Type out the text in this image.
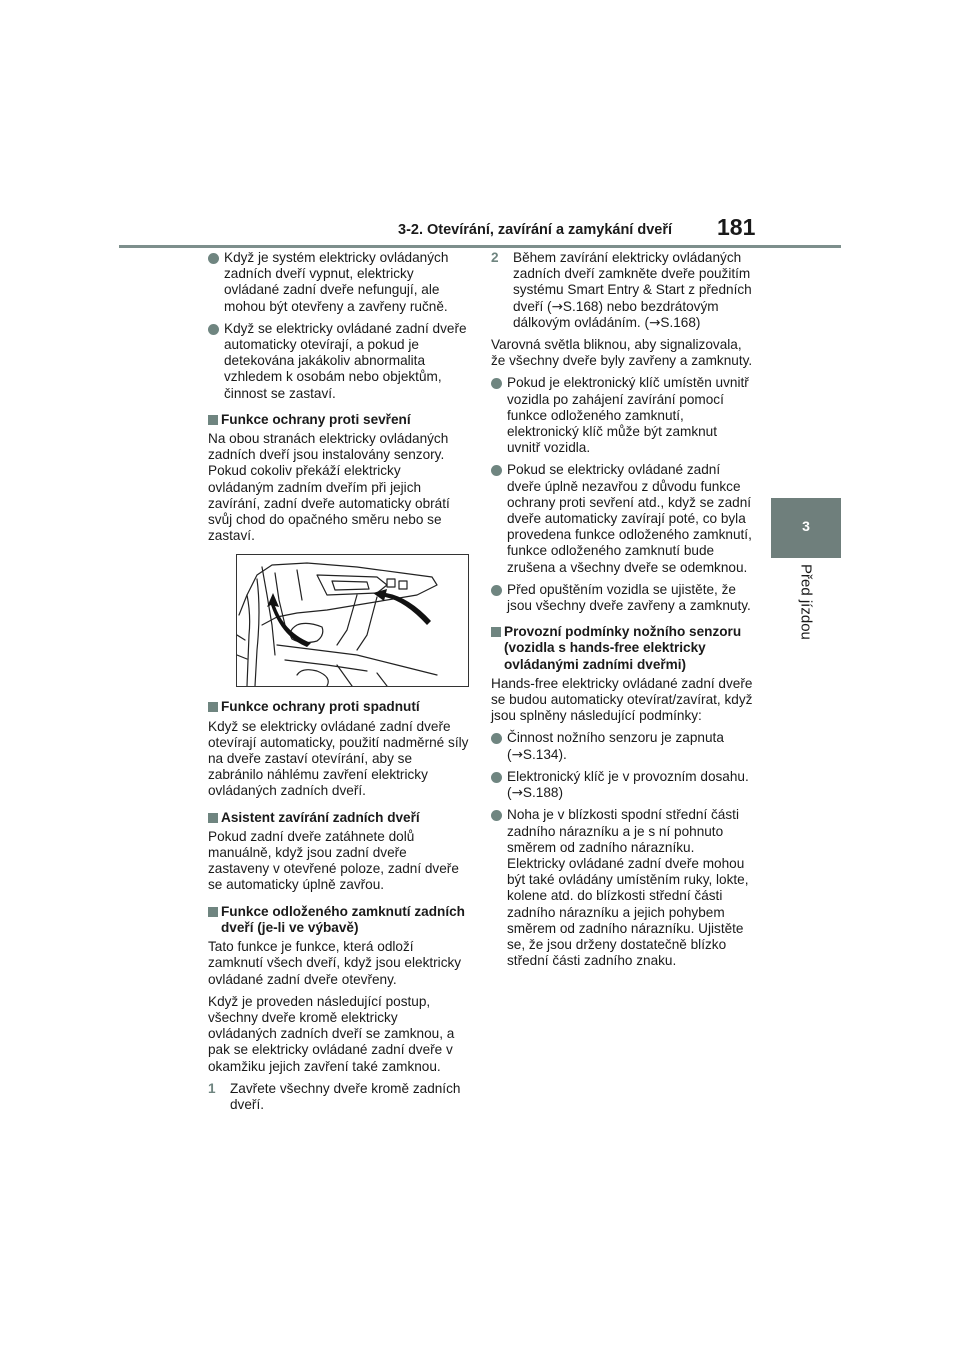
3-2. Otevírání, zavírání a zamykání dveří 181
3
Před jízdou
Když je systém elektricky ovládaných zadních dveří vypnut, elektricky ovládané zadní dveře nefungují, ale mohou být otevřeny a zavřeny ručně.
Když se elektricky ovládané zadní dveře automaticky otevírají, a pokud je detekována jakákoliv abnormalita vzhledem k osobám nebo objektům, činnost se zastaví.
Funkce ochrany proti sevření
Na obou stranách elektricky ovládaných zadních dveří jsou instalovány senzory. Pokud cokoliv překáží elektricky ovládaným zadním dveřím při jejich zavírání, zadní dveře automaticky obrátí svůj chod do opačného směru nebo se zastaví.
Funkce ochrany proti spadnutí
Když se elektricky ovládané zadní dveře otevírají automaticky, použití nadměrné síly na dveře zastaví otevírání, aby se zabránilo náhlému zavření elektricky ovládaných zadních dveří.
Asistent zavírání zadních dveří
Pokud zadní dveře zatáhnete dolů manuálně, když jsou zadní dveře zastaveny v otevřené poloze, zadní dveře se automaticky úplně zavřou.
Funkce odloženého zamknutí zadních dveří (je-li ve výbavě)
Tato funkce je funkce, která odloží zamknutí všech dveří, když jsou elektricky ovládané zadní dveře otevřeny.
Když je proveden následující postup, všechny dveře kromě elektricky ovládaných zadních dveří se zamknou, a pak se elektricky ovládané zadní dveře v okamžiku jejich zavření také zamknou.
1 Zavřete všechny dveře kromě zadních dveří.
2 Během zavírání elektricky ovládaných zadních dveří zamkněte dveře použitím systému Smart Entry & Start z předních dveří (→S.168) nebo bezdrátovým dálkovým ovládáním. (→S.168)
Varovná světla bliknou, aby signalizovala, že všechny dveře byly zavřeny a zamknuty.
Pokud je elektronický klíč umístěn uvnitř vozidla po zahájení zavírání pomocí funkce odloženého zamknutí, elektronický klíč může být zamknut uvnitř vozidla.
Pokud se elektricky ovládané zadní dveře úplně nezavřou z důvodu funkce ochrany proti sevření atd., když se zadní dveře automaticky zavírají poté, co byla provedena funkce odloženého zamknutí, funkce odloženého zamknutí bude zrušena a všechny dveře se odemknou.
Před opuštěním vozidla se ujistěte, že jsou všechny dveře zavřeny a zamknuty.
Provozní podmínky nožního senzoru (vozidla s hands-free elektricky ovládanými zadními dveřmi)
Hands-free elektricky ovládané zadní dveře se budou automaticky otevírat/zavírat, když jsou splněny následující podmínky:
Činnost nožního senzoru je zapnuta (→S.134).
Elektronický klíč je v provozním dosahu. (→S.188)
Noha je v blízkosti spodní střední části zadního nárazníku a je s ní pohnuto směrem od zadního nárazníku. Elektricky ovládané zadní dveře mohou být také ovládány umístěním ruky, lokte, kolene atd. do blízkosti střední části zadního nárazníku a jejich pohybem směrem od zadního nárazníku. Ujistěte se, že jsou drženy dostatečně blízko střední části zadního znaku.
